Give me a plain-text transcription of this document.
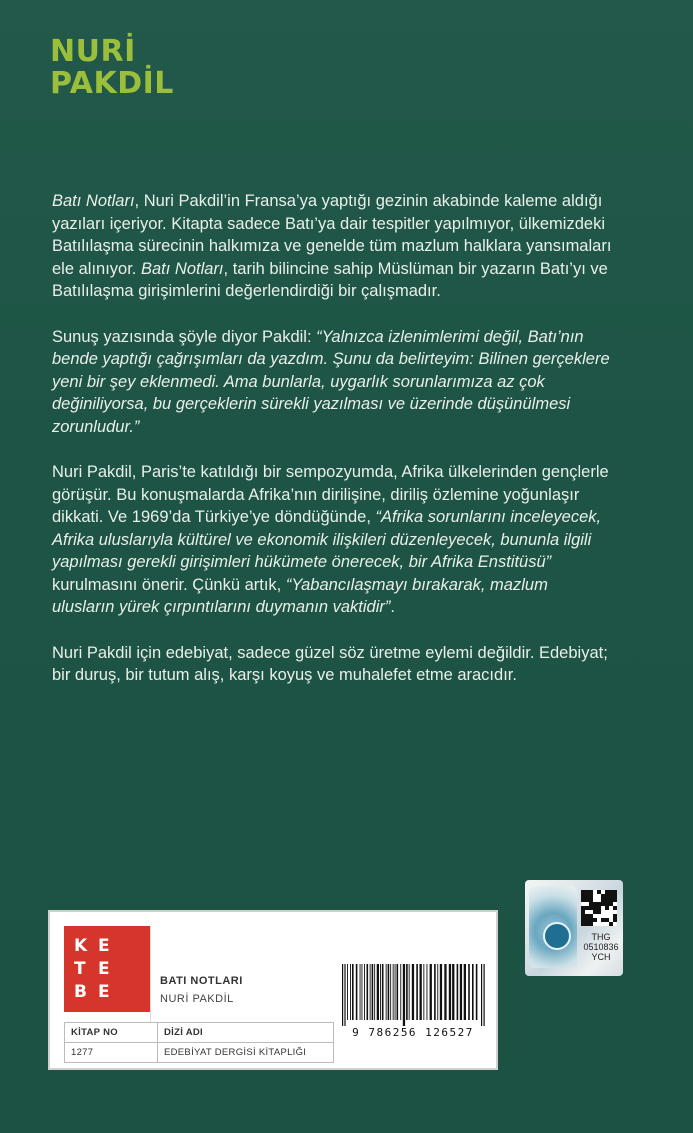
NURİ
PAKDİL

Batı Notları, Nuri Pakdil’in Fransa’ya yaptığı gezinin akabinde kaleme aldığı yazıları içeriyor. Kitapta sadece Batı’ya dair tespitler yapılmıyor, ülkemizdeki Batılılaşma sürecinin halkımıza ve genelde tüm mazlum halklara yansımaları ele alınıyor. Batı Notları, tarih bilincine sahip Müslüman bir yazarın Batı’yı ve Batılılaşma girişimlerini değerlendirdiği bir çalışmadır.

Sunuş yazısında şöyle diyor Pakdil: “Yalnızca izlenimlerimi değil, Batı’nın bende yaptığı çağrışımları da yazdım. Şunu da belirteyim: Bilinen gerçeklere yeni bir şey eklenmedi. Ama bunlarla, uygarlık sorunlarımıza az çok değiniliyorsa, bu gerçeklerin sürekli yazılması ve üzerinde düşünülmesi zorunludur.”

Nuri Pakdil, Paris’te katıldığı bir sempozyumda, Afrika ülkelerinden gençlerle görüşür. Bu konuşmalarda Afrika’nın dirilişine, diriliş özlemine yoğunlaşır dikkati. Ve 1969’da Türkiye’ye döndüğünde, “Afrika sorunlarını inceleyecek, Afrika uluslarıyla kültürel ve ekonomik ilişkileri düzenleyecek, bununla ilgili yapılması gerekli girişimleri hükümete önerecek, bir Afrika Enstitüsü” kurulmasını önerir. Çünkü artık, “Yabancılaşmayı bırakarak, mazlum ulusların yürek çırpıntılarını duymanın vaktidir”.

Nuri Pakdil için edebiyat, sadece güzel söz üretme eylemi değildir. Edebiyat; bir duruş, bir tutum alış, karşı koyuş ve muhalefet etme aracıdır.

THG
0510836
YCH
K E
T E
B E
BATI NOTLARI
NURİ PAKDİL
KİTAP NO	DİZİ ADI
1277	EDEBİYAT DERGİSİ KİTAPLIĞI
9 786256 126527
